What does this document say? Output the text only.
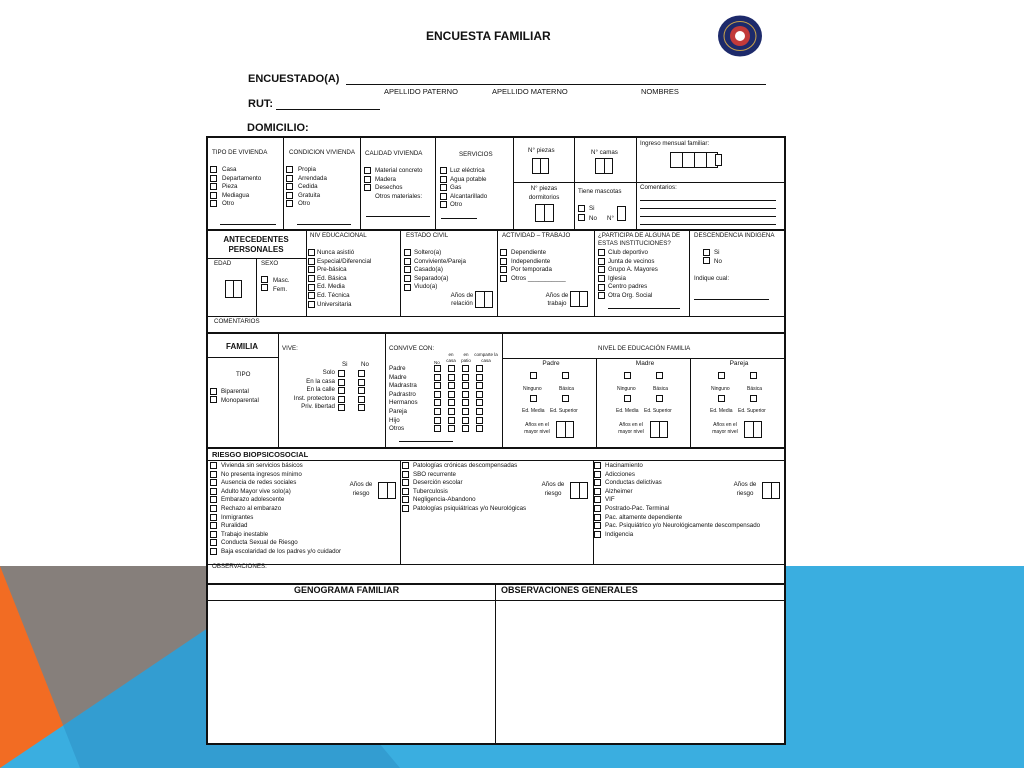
ENCUESTA FAMILIAR
ENCUESTADO(A)
APELLIDO PATERNO	APELLIDO MATERNO	NOMBRES
RUT:
DOMICILIO:
TIPO DE VIVIENDA
Casa
Departamento
Pieza
Mediagua
Otro
CONDICION VIVIENDA
Propia
Arrendada
Cedida
Gratuita
Otro
CALIDAD VIVIENDA
Material concreto
Madera
Desechos
Otros materiales:
SERVICIOS
Luz eléctrica
Agua potable
Gas
Alcantarillado
Otro
N° piezas	N° camas
Ingreso mensual familiar:
N° piezas dormitorios
Tiene mascotas
Si
No N°
Comentarios:
ANTECEDENTES PERSONALES
EDAD	SEXO
Masc.
Fem.
NIV EDUCACIONAL
Nunca asistió
Especial/Diferencial
Pre-básica
Ed. Básica
Ed. Media
Ed. Técnica
Universitaria
ESTADO CIVIL
Soltero(a)
Conviviente/Pareja
Casado(a)
Separado(a)
Viudo(a)
Años de relación
ACTIVIDAD – TRABAJO
Dependiente
Independiente
Por temporada
Otros ___________
Años de trabajo
¿PARTICIPA DE ALGUNA DE ESTAS INSTITUCIONES?
Club deportivo
Junta de vecinos
Grupo A. Mayores
Iglesia
Centro padres
Otra Org. Social
DESCENDENCIA INDIGENA
Si
No
Indique cual:
COMENTARIOS
FAMILIA
TIPO
Biparental
Monoparental
VIVE:
Si No
Solo
En la casa
En la calle
Inst. protectora
Priv. libertad
CONVIVE CON:
No
en casa
en patio
comparte la casa
Padre
Madre
Madrastra
Padrastro
Hermanos
Pareja
Hijo
Otros
NIVEL DE EDUCACIÓN FAMILIA
Padre
Ninguno	Básica
Ed. Media Ed. Superior
Años en el mayor nivel
Madre
Ninguno	Básica
Ed. Media Ed. Superior
Años en el mayor nivel
Pareja
Ninguno	Básica
Ed. Media Ed. Superior
Años en el mayor nivel
RIESGO BIOPSICOSOCIAL
Vivienda sin servicios básicos
No presenta ingresos mínimo
Ausencia de redes sociales
Adulto Mayor vive solo(a)
Embarazo adolescente
Rechazo al embarazo
Inmigrantes
Ruralidad
Trabajo inestable
Conducta Sexual de Riesgo
Baja escolaridad de los padres y/o cuidador
Patologías crónicas descompensadas
SBO recurrente
Deserción escolar
Tuberculosis
Negligencia-Abandono
Patologías psiquiátricas y/o Neurológicas
Hacinamiento
Adicciones
Conductas delictivas
Alzheimer
VIF
Postrado-Pac. Terminal
Pac. altamente dependiente
Pac. Psiquiátrico y/o Neurológicamente descompensado
Indigencia
Años de riesgo
Años de riesgo
Años de riesgo
OBSERVACIONES:
GENOGRAMA FAMILIAR	OBSERVACIONES GENERALES
